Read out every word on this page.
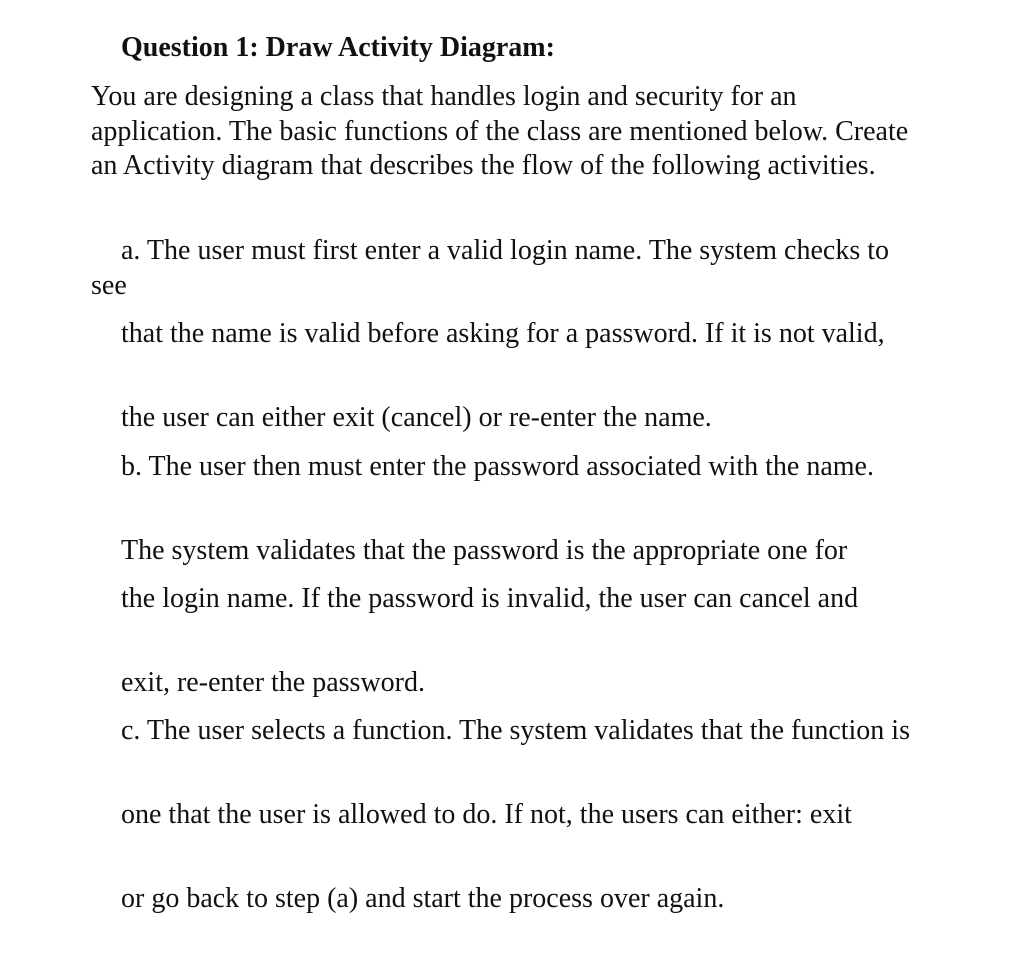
Question 1: Draw Activity Diagram:

You are designing a class that handles login and security for an application. The basic functions of the class are mentioned below. Create an Activity diagram that describes the flow of the following activities.

a. The user must first enter a valid login name. The system checks to see

that the name is valid before asking for a password. If it is not valid,

the user can either exit (cancel) or re-enter the name.

b. The user then must enter the password associated with the name.

The system validates that the password is the appropriate one for

the login name. If the password is invalid, the user can cancel and

exit, re-enter the password.

c. The user selects a function. The system validates that the function is

one that the user is allowed to do. If not, the users can either: exit

or go back to step (a) and start the process over again.
